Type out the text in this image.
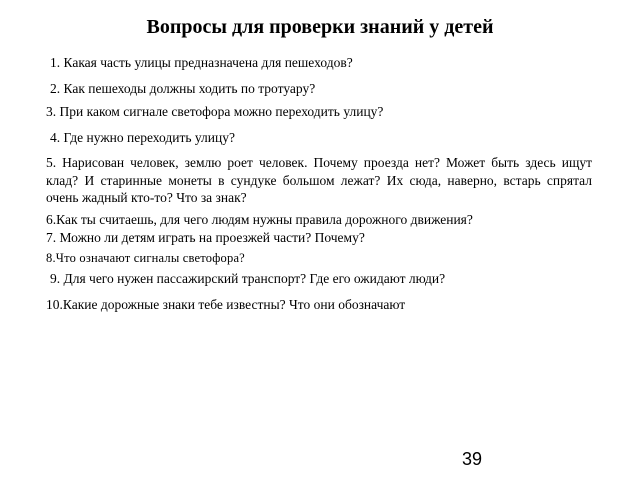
Вопросы для проверки знаний у детей
1. Какая часть улицы предназначена для пешеходов?
2. Как пешеходы должны ходить по тротуару?
3. При каком сигнале светофора можно переходить улицу?
4. Где нужно переходить улицу?
5. Нарисован человек, землю роет человек. Почему проезда нет? Может быть здесь ищут клад? И старинные монеты в сундуке большом лежат? Их сюда, наверно, встарь спрятал очень жадный кто-то? Что за знак?
6.Как ты считаешь, для чего людям нужны правила дорожного движения?
7. Можно ли детям играть на проезжей части? Почему?
8.Что означают сигналы светофора?
9. Для чего нужен пассажирский транспорт? Где его ожидают люди?
10.Какие дорожные знаки тебе известны? Что они обозначают
39
